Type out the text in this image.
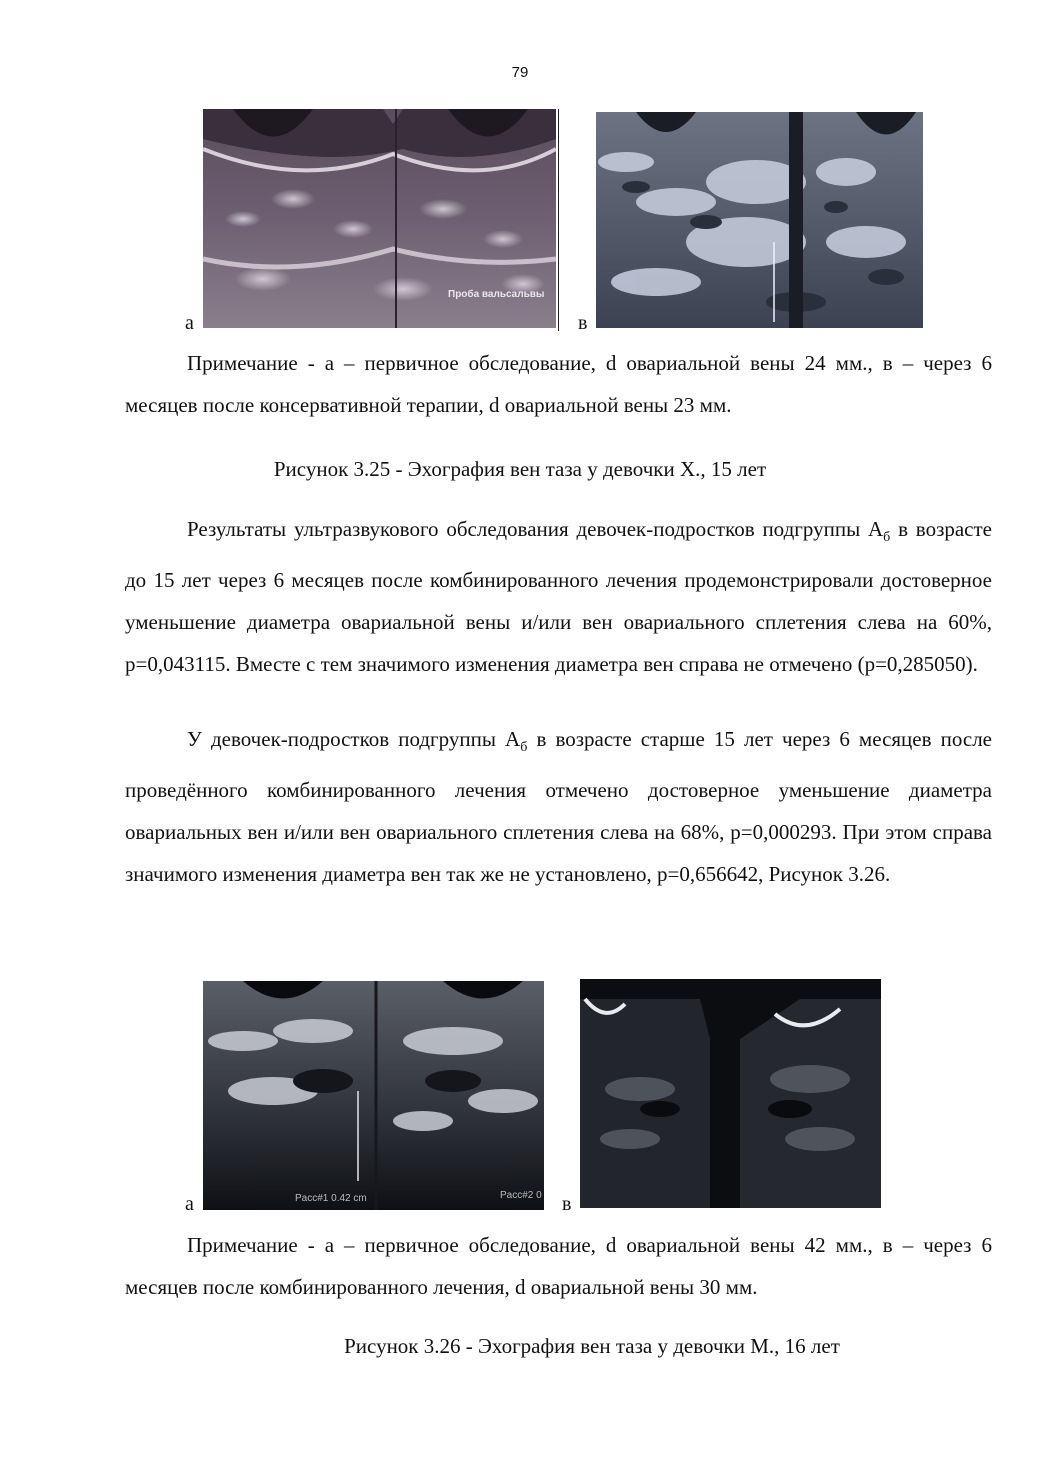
79
Проба вальсальвы
а	в

Примечание - а – первичное обследование, d овариальной вены 24 мм., в – через 6 месяцев после консервативной терапии, d овариальной вены 23 мм.

Рисунок 3.25 - Эхография вен таза у девочки Х., 15 лет

Результаты ультразвукового обследования девочек-подростков подгруппы $А_б$ в возрасте до 15 лет через 6 месяцев после комбинированного лечения продемонстрировали достоверное уменьшение диаметра овариальной вены и/или вен овариального сплетения слева на 60%, p=0,043115. Вместе с тем значимого изменения диаметра вен справа не отмечено (p=0,285050).

У девочек-подростков подгруппы $А_б$ в возрасте старше 15 лет через 6 месяцев после проведённого комбинированного лечения отмечено достоверное уменьшение диаметра овариальных вен и/или вен овариального сплетения слева на 68%, p=0,000293. При этом справа значимого изменения диаметра вен так же не установлено, p=0,656642, Рисунок 3.26.

Pacc#1 0.42 cm	Pacc#2 0
а	в

Примечание - а – первичное обследование, d овариальной вены 42 мм., в – через 6 месяцев после комбинированного лечения, d овариальной вены 30 мм.

Рисунок 3.26 - Эхография вен таза у девочки М., 16 лет
